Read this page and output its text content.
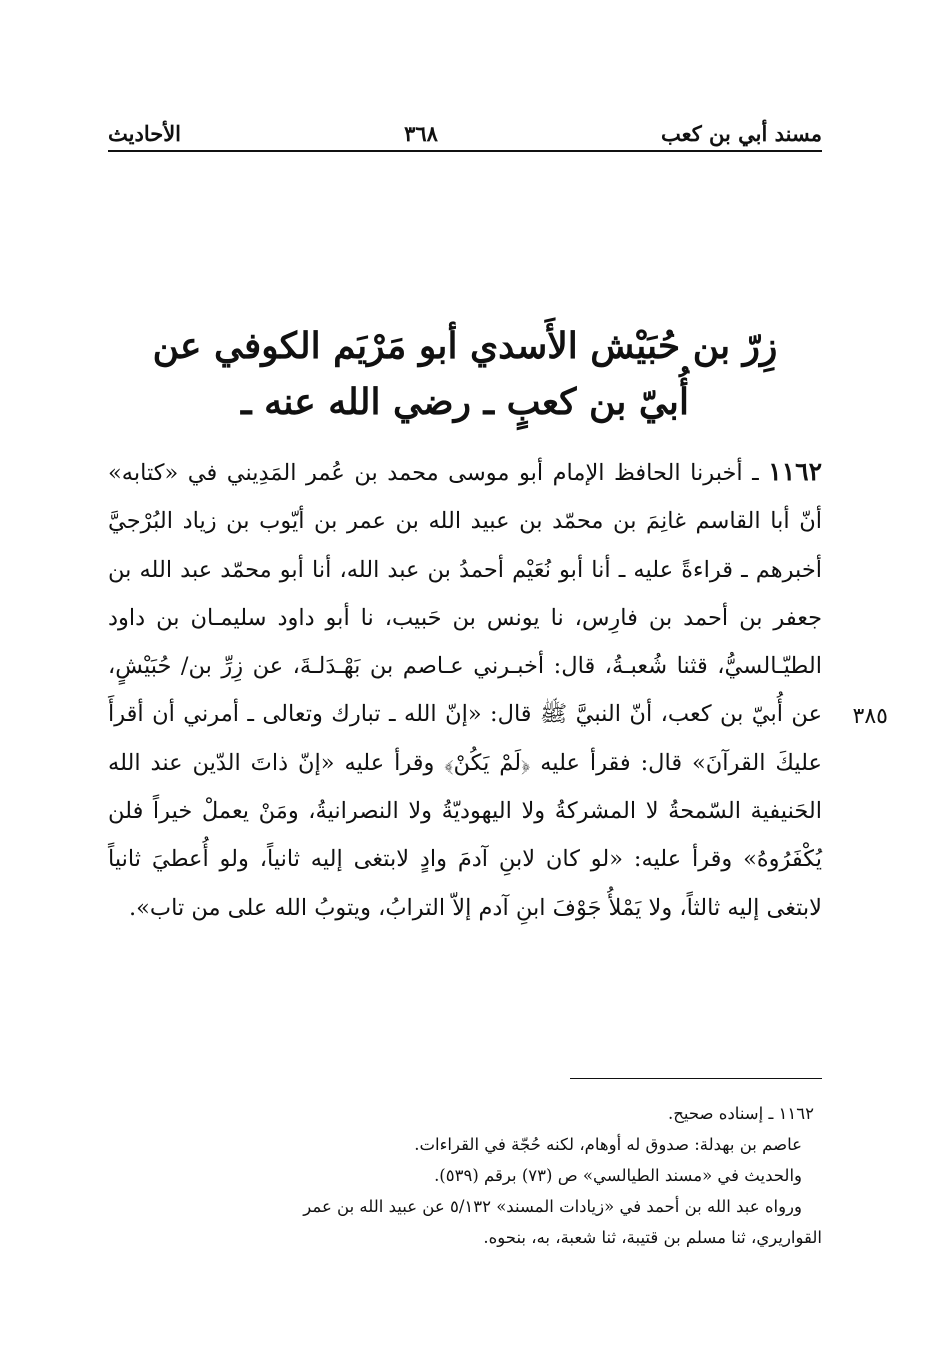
مسند أبي بن كعب
٣٦٨
الأحاديث
زِرّ بن حُبَيْش الأَسدي أبو مَرْيَم الكوفي عن
أُبيّ بن كعبٍ ـ رضي الله عنه ـ

١١٦٢ ـ أخبرنا الحافظ الإمام أبو موسى محمد بن عُمر المَدِيني في «كتابه» أنّ أبا القاسم غانِمَ بن محمّد بن عبيد الله بن عمر بن أيّوب بن زياد البُرْجيَّ أخبرهم ـ قراءةً عليه ـ أنا أبو نُعَيْم أحمدُ بن عبد الله، أنا أبو محمّد عبد الله بن جعفر بن أحمد بن فارِس، نا يونس بن حَبيب، نا أبو داود سليمـان بن داود الطيّـالسيُّ، قثنا شُعبـةُ، قال: أخبـرني عـاصم بن بَهْـدَلـةَ، عن زِرِّ بن/ حُبَيْشٍ، عن أُبيّ بن كعب، أنّ النبيَّ ﷺ قال: «إنّ الله ـ تبارك وتعالى ـ أمرني أن أقرأَ عليكَ القرآنَ» قال: فقرأ عليه ﴿لَمْ يَكُنْ﴾ وقرأ عليه «إنّ ذاتَ الدّين عند الله الحَنيفية السّمحةُ لا المشركةُ ولا اليهوديّةُ ولا النصرانيةُ، ومَنْ يعملْ خيراً فلن يُكْفَرُوهُ» وقرأ عليه: «لو كان لابنِ آدمَ وادٍ لابتغى إليه ثانياً، ولو أُعطيَ ثانياً لابتغى إليه ثالثاً، ولا يَمْلأُ جَوْفَ ابنِ آدم إلاّ الترابُ، ويتوبُ الله على من تاب».

٣٨٥
١١٦٢ ـ إسناده صحيح.
عاصم بن بهدلة: صدوق له أوهام، لكنه حُجّة في القراءات.
والحديث في «مسند الطيالسي» ص (٧٣) برقم (٥٣٩).
ورواه عبد الله بن أحمد في «زيادات المسند» ٥/١٣٢ عن عبيد الله بن عمر
القواريري، ثنا مسلم بن قتيبة، ثنا شعبة، به، بنحوه.
